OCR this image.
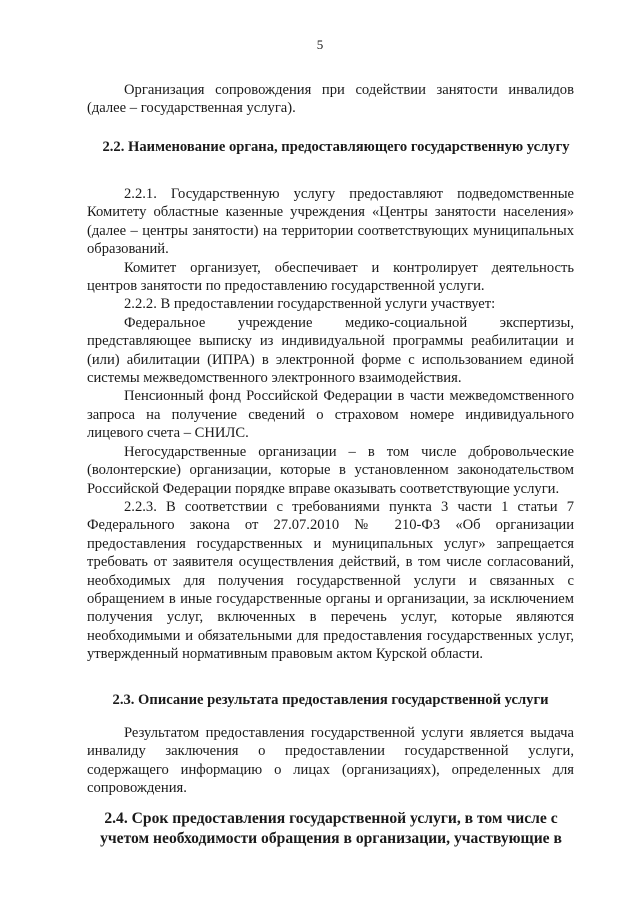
5

Организация сопровождения при содействии занятости инвалидов (далее – государственная услуга).

2.2. Наименование органа, предоставляющего государственную услугу

2.2.1. Государственную услугу предоставляют подведомственные Комитету областные казенные учреждения «Центры занятости населения» (далее – центры занятости) на территории соответствующих муниципальных образований.

Комитет организует, обеспечивает и контролирует деятельность центров занятости по предоставлению государственной услуги.

2.2.2. В предоставлении государственной услуги участвует:

Федеральное учреждение медико-социальной экспертизы, представляющее выписку из индивидуальной программы реабилитации и (или) абилитации (ИПРА) в электронной форме с использованием единой системы межведомственного электронного взаимодействия.

Пенсионный фонд Российской Федерации в части межведомственного запроса на получение сведений о страховом номере индивидуального лицевого счета – СНИЛС.

Негосударственные организации – в том числе добровольческие (волонтерские) организации, которые в установленном законодательством Российской Федерации порядке вправе оказывать соответствующие услуги.

2.2.3. В соответствии с требованиями пункта 3 части 1 статьи 7 Федерального закона от 27.07.2010 № 210-ФЗ «Об организации предоставления государственных и муниципальных услуг» запрещается требовать от заявителя осуществления действий, в том числе согласований, необходимых для получения государственной услуги и связанных с обращением в иные государственные органы и организации, за исключением получения услуг, включенных в перечень услуг, которые являются необходимыми и обязательными для предоставления государственных услуг, утвержденный нормативным правовым актом Курской области.

2.3. Описание результата предоставления государственной услуги

Результатом предоставления государственной услуги является выдача инвалиду заключения о предоставлении государственной услуги, содержащего информацию о лицах (организациях), определенных для сопровождения.

2.4. Срок предоставления государственной услуги, в том числе с учетом необходимости обращения в организации, участвующие в
